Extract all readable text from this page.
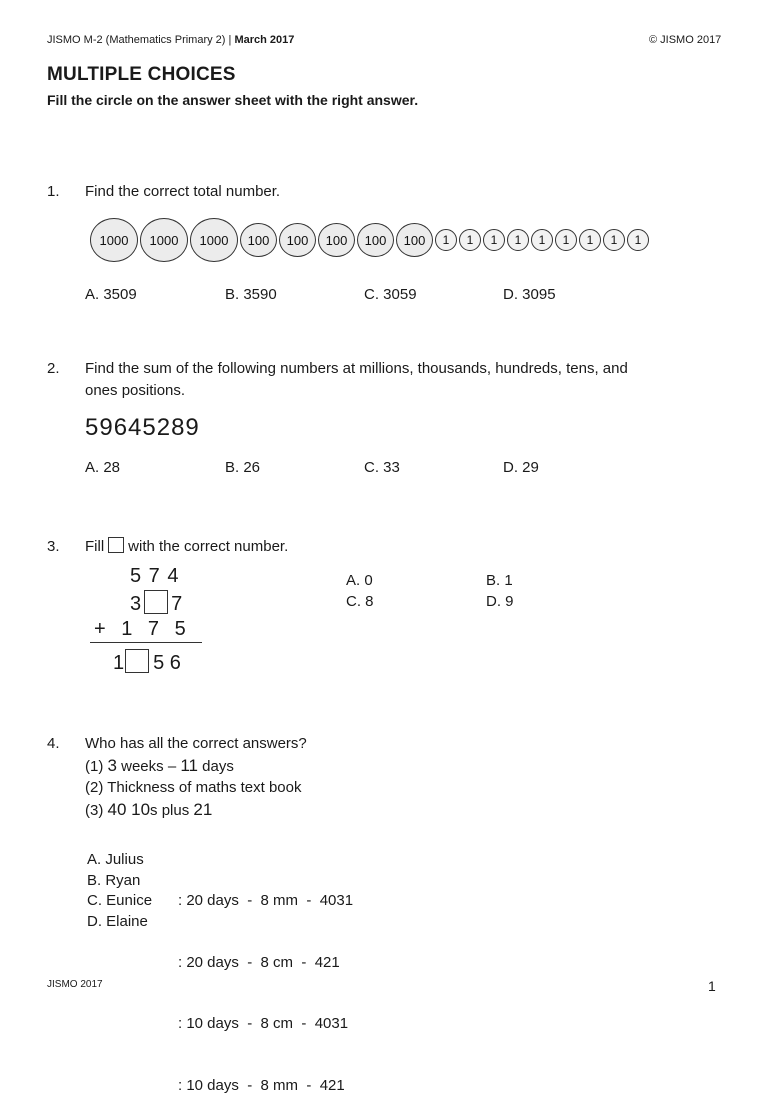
JISMO M-2 (Mathematics Primary 2) | March 2017	© JISMO 2017
MULTIPLE CHOICES
Fill the circle on the answer sheet with the right answer.
1. Find the correct total number.
1000	1000	1000	100	100	100	100	100	1	1	1	1	1	1	1	1	1
A. 3509	B. 3590	C. 3059	D. 3095
2. Find the sum of the following numbers at millions, thousands, hundreds, tens, and
ones positions.
59645289
A. 28	B. 26	C. 33	D. 29
3. Fill with the correct number.
5 7 4
3 7
+ 1 7 5
1 5 6
A. 0	B. 1
C. 8	D. 9
4. Who has all the correct answers?
(1) 3 weeks – 11 days
(2) Thickness of maths text book
(3) 40 10s plus 21
A. Julius
B. Ryan
C. Eunice
D. Elaine

: 20 days  -  8 mm  -  4031

: 20 days  -  8 cm  -  421

: 10 days  -  8 cm  -  4031

: 10 days  -  8 mm  -  421

JISMO 2017	1
